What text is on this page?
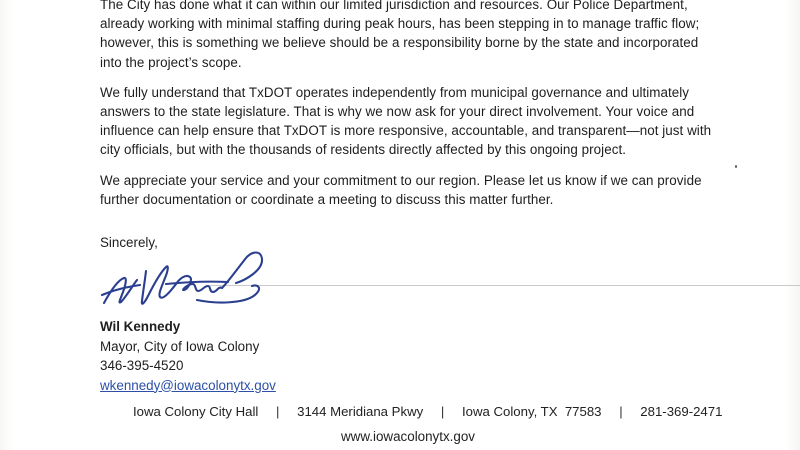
The City has done what it can within our limited jurisdiction and resources. Our Police Department,
already working with minimal staffing during peak hours, has been stepping in to manage traffic flow;
however, this is something we believe should be a responsibility borne by the state and incorporated
into the project’s scope.

We fully understand that TxDOT operates independently from municipal governance and ultimately
answers to the state legislature. That is why we now ask for your direct involvement. Your voice and
influence can help ensure that TxDOT is more responsive, accountable, and transparent—not just with
city officials, but with the thousands of residents directly affected by this ongoing project.

We appreciate your service and your commitment to our region. Please let us know if we can provide
further documentation or coordinate a meeting to discuss this matter further.

Sincerely,

Wil Kennedy
Mayor, City of Iowa Colony
346-395-4520
wkennedy@iowacolonytx.gov
Iowa Colony City Hall | 3144 Meridiana Pkwy | Iowa Colony, TX  77583 | 281-369-2471
www.iowacolonytx.gov
